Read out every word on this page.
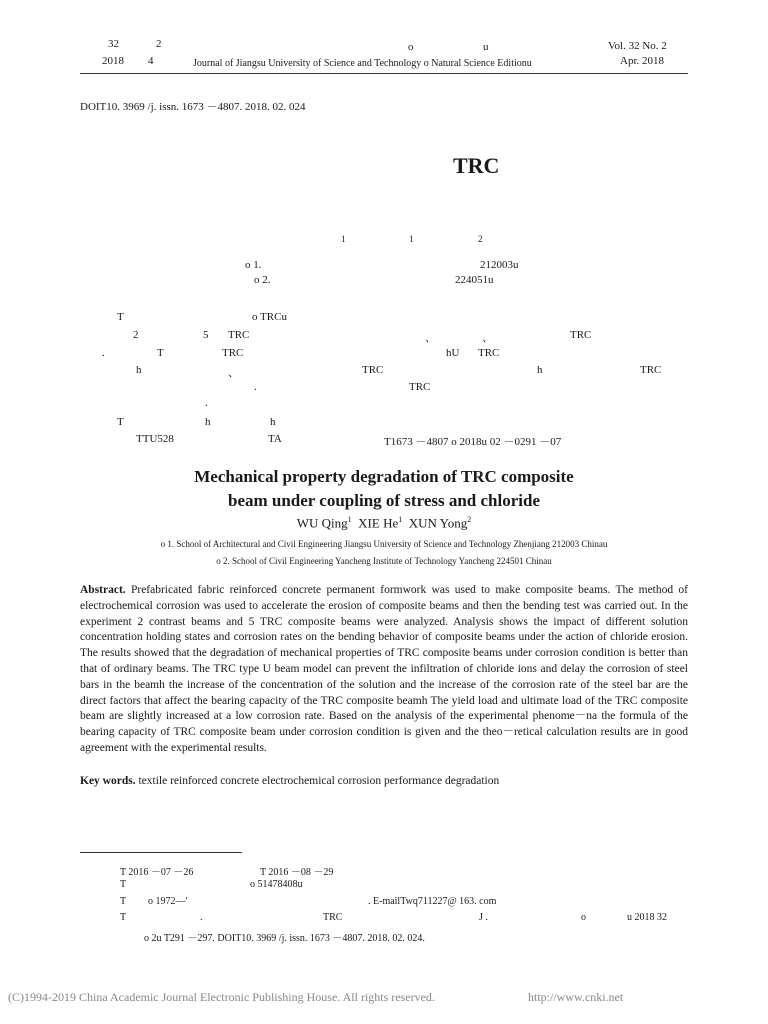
32	2
2018 4
o	u
Journal of Jiangsu University of Science and Technology o Natural Science Editionu
Vol. 32 No. 2
Apr. 2018
DOIT10. 3969 /j. issn. 1673 －4807. 2018. 02. 024
TRC
1	1	2
o 1.	212003u
o 2.	224051u
T	o TRCu
2	5 TRC	、	、	TRC
.	T	TRC	hU TRC
h	、	TRC	h	TRC
.	TRC
.
T	h	h
TTU528	TA	T1673 －4807 o 2018u 02 －0291 －07
Mechanical property degradation of TRC composite
beam under coupling of stress and chloride
WU Qing$^1$ XIE He$^1$ XUN Yong$^2$
o 1. School of Architectural and Civil Engineering Jiangsu University of Science and Technology Zhenjiang 212003 Chinau
o 2. School of Civil Engineering Yancheng Institute of Technology Yancheng 224501 Chinau
Abstract. Prefabricated fabric reinforced concrete permanent formwork was used to make composite beams. The method of electrochemical corrosion was used to accelerate the erosion of composite beams and then the bending test was carried out. In the experiment 2 contrast beams and 5 TRC composite beams were analyzed. Analysis shows the impact of different solution concentration holding states and corrosion rates on the bending behavior of composite beams under the action of chloride erosion. The results showed that the degradation of mechanical properties of TRC composite beams under corrosion condition is better than that of ordinary beams. The TRC type U beam model can prevent the infiltration of chloride ions and delay the corrosion of steel bars in the beamh the increase of the concentration of the solution and the increase of the corrosion rate of the steel bar are the direct factors that affect the bearing capacity of the TRC composite beamh The yield load and ultimate load of the TRC composite beam are slightly increased at a low corrosion rate. Based on the analysis of the experimental phenome－na the formula of the bearing capacity of TRC composite beam under corrosion condition is given and the theo－retical calculation results are in good agreement with the experimental results.
Key words. textile reinforced concrete electrochemical corrosion performance degradation
T 2016 －07 －26	T 2016 －08 －29
T	o 51478408u
T o 1972—'	. E-mailTwq711227@ 163. com
T	.	TRC	J .	o	u 2018 32
o 2u T291 －297. DOIT10. 3969 /j. issn. 1673 －4807. 2018. 02. 024.
(C)1994-2019 China Academic Journal Electronic Publishing House. All rights reserved.	http://www.cnki.net
